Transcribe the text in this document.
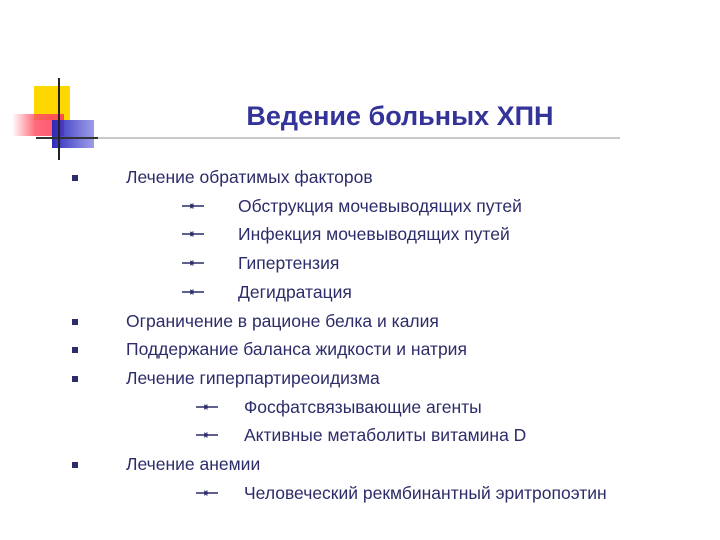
Ведение больных ХПН
Лечение обратимых факторов
Обструкция мочевыводящих путей
Инфекция мочевыводящих путей
Гипертензия
Дегидратация
Ограничение в рационе белка и калия
Поддержание баланса жидкости и натрия
Лечение гиперпартиреоидизма
Фосфатсвязывающие агенты
Активные метаболиты витамина D
Лечение анемии
Человеческий рекмбинантный эритропоэтин
